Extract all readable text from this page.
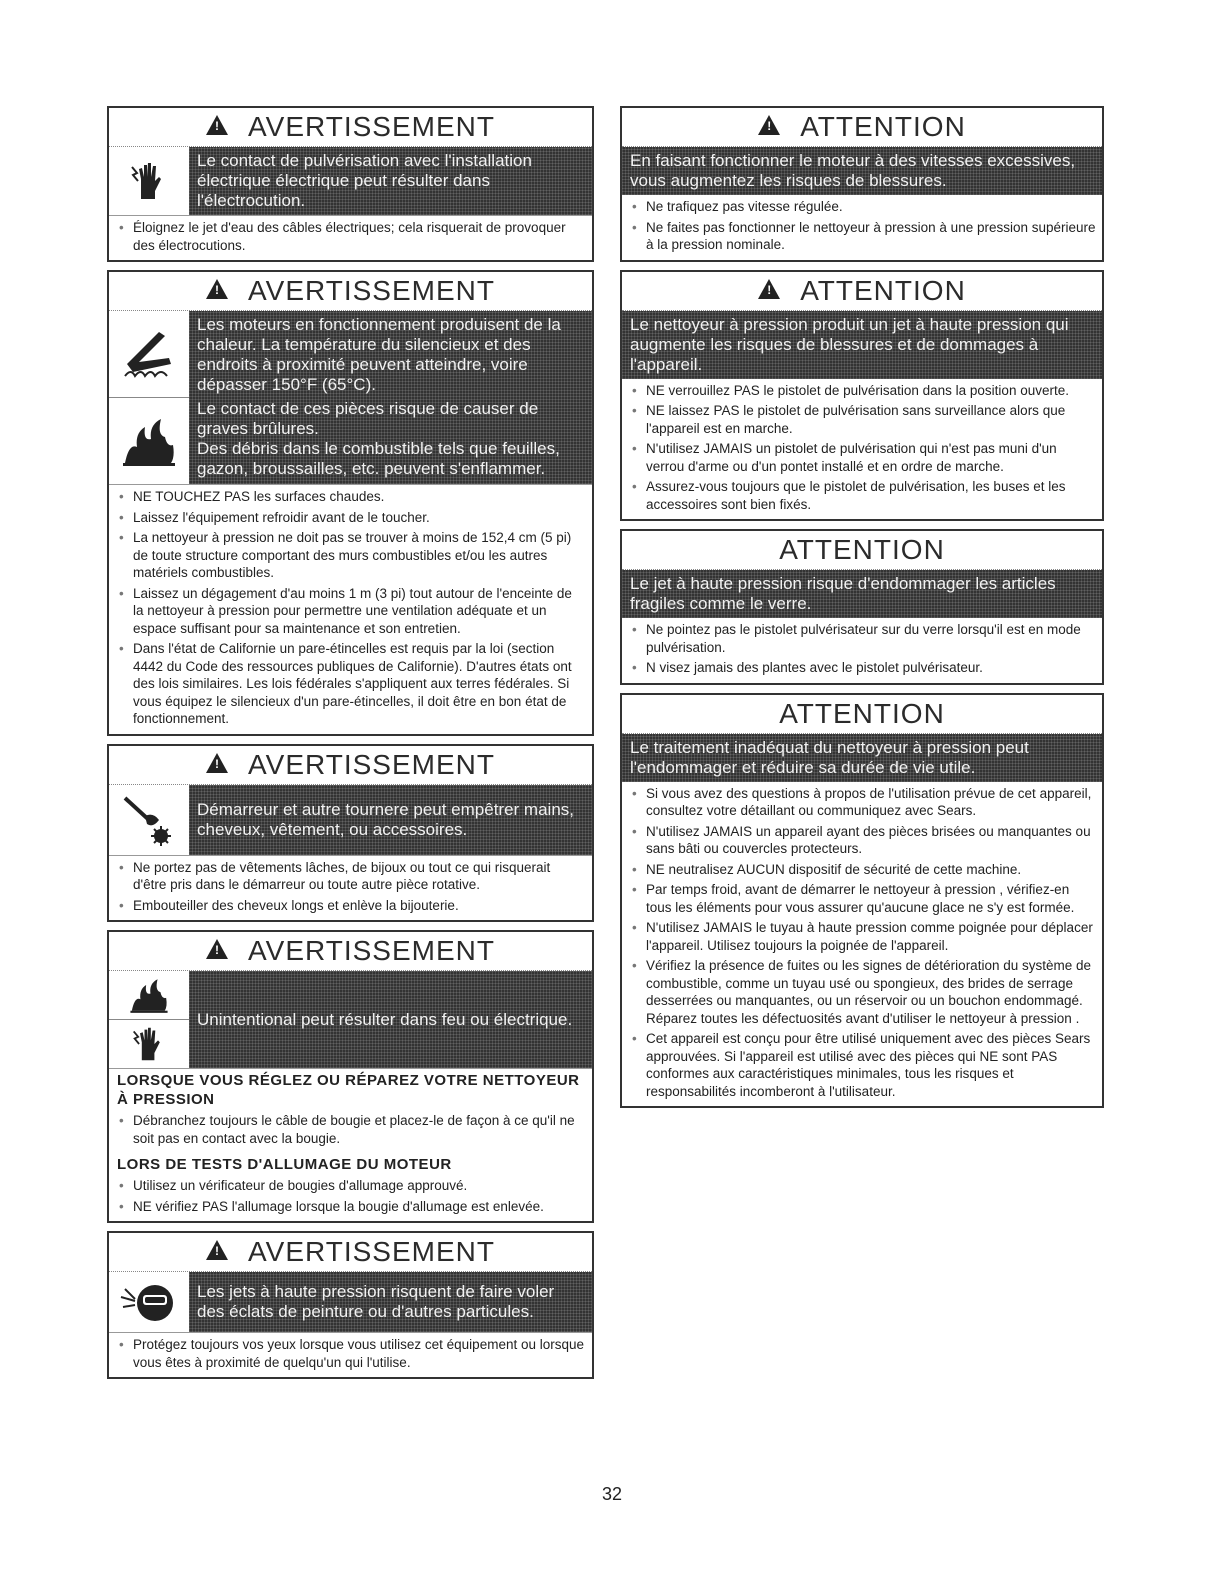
!
AVERTISSEMENT

Le contact de pulvérisation avec l'installation électrique électrique peut résulter dans l'électrocution.

• Éloignez le jet d'eau des câbles électriques; cela risquerait de provoquer des électrocutions.
!
AVERTISSEMENT

Les moteurs en fonctionnement produisent de la chaleur. La température du silencieux et des endroits à proximité peuvent atteindre, voire dépasser 150°F (65°C).

Le contact de ces pièces risque de causer de graves brûlures.

Des débris dans le combustible tels que feuilles, gazon, broussailles, etc. peuvent s'enflammer.

• NE TOUCHEZ PAS les surfaces chaudes.
• Laissez l'équipement refroidir avant de le toucher.
• La nettoyeur à pression ne doit pas se trouver à moins de 152,4 cm (5 pi) de toute structure comportant des murs combustibles et/ou les autres matériels combustibles.
• Laissez un dégagement d'au moins 1 m (3 pi) tout autour de l'enceinte de la nettoyeur à pression pour permettre une ventilation adéquate et un espace suffisant pour sa maintenance et son entretien.
• Dans l'état de Californie un pare-étincelles est requis par la loi (section 4442 du Code des ressources publiques de Californie). D'autres états ont des lois similaires. Les lois fédérales s'appliquent aux terres fédérales. Si vous équipez le silencieux d'un pare-étincelles, il doit être en bon état de fonctionnement.
!
AVERTISSEMENT

Démarreur et autre tournere peut empêtrer mains, cheveux, vêtement, ou accessoires.

• Ne portez pas de vêtements lâches, de bijoux ou tout ce qui risquerait d'être pris dans le démarreur ou toute autre pièce rotative.
• Embouteiller des cheveux longs et enlève la bijouterie.
!
AVERTISSEMENT

Unintentional peut résulter dans feu ou électrique.

LORSQUE VOUS RÉGLEZ OU RÉPAREZ VOTRE NETTOYEUR À PRESSION
• Débranchez toujours le câble de bougie et placez-le de façon à ce qu'il ne soit pas en contact avec la bougie.
LORS DE TESTS D'ALLUMAGE DU MOTEUR
• Utilisez un vérificateur de bougies d'allumage approuvé.
• NE vérifiez PAS l'allumage lorsque la bougie d'allumage est enlevée.
!
AVERTISSEMENT

Les jets à haute pression risquent de faire voler des éclats de peinture ou d'autres particules.

• Protégez toujours vos yeux lorsque vous utilisez cet équipement ou lorsque vous êtes à proximité de quelqu'un qui l'utilise.
!
ATTENTION

En faisant fonctionner le moteur à des vitesses excessives, vous augmentez les risques de blessures.

• Ne trafiquez pas vitesse régulée.
• Ne faites pas fonctionner le nettoyeur à pression à une pression supérieure à la pression nominale.
!
ATTENTION

Le nettoyeur à pression produit un jet à haute pression qui augmente les risques de blessures et de dommages à l'appareil.

• NE verrouillez PAS le pistolet de pulvérisation dans la position ouverte.
• NE laissez PAS le pistolet de pulvérisation sans surveillance alors que l'appareil est en marche.
• N'utilisez JAMAIS un pistolet de pulvérisation qui n'est pas muni d'un verrou d'arme ou d'un pontet installé et en ordre de marche.
• Assurez-vous toujours que le pistolet de pulvérisation, les buses et les accessoires sont bien fixés.
ATTENTION

Le jet à haute pression risque d'endommager les articles fragiles comme le verre.

• Ne pointez pas le pistolet pulvérisateur sur du verre lorsqu'il est en mode pulvérisation.
• N visez jamais des plantes avec le pistolet pulvérisateur.
ATTENTION

Le traitement inadéquat du nettoyeur à pression peut l'endommager et réduire sa durée de vie utile.

• Si vous avez des questions à propos de l'utilisation prévue de cet appareil, consultez votre détaillant ou communiquez avec Sears.
• N'utilisez JAMAIS un appareil ayant des pièces brisées ou manquantes ou sans bâti ou couvercles protecteurs.
• NE neutralisez AUCUN dispositif de sécurité de cette machine.
• Par temps froid, avant de démarrer le nettoyeur à pression , vérifiez-en tous les éléments pour vous assurer qu'aucune glace ne s'y est formée.
• N'utilisez JAMAIS le tuyau à haute pression comme poignée pour déplacer l'appareil. Utilisez toujours la poignée de l'appareil.
• Vérifiez la présence de fuites ou les signes de détérioration du système de combustible, comme un tuyau usé ou spongieux, des brides de serrage desserrées ou manquantes, ou un réservoir ou un bouchon endommagé. Réparez toutes les défectuosités avant d'utiliser le nettoyeur à pression .
• Cet appareil est conçu pour être utilisé uniquement avec des pièces Sears approuvées. Si l'appareil est utilisé avec des pièces qui NE sont PAS conformes aux caractéristiques minimales, tous les risques et responsabilités incomberont à l'utilisateur.
32
